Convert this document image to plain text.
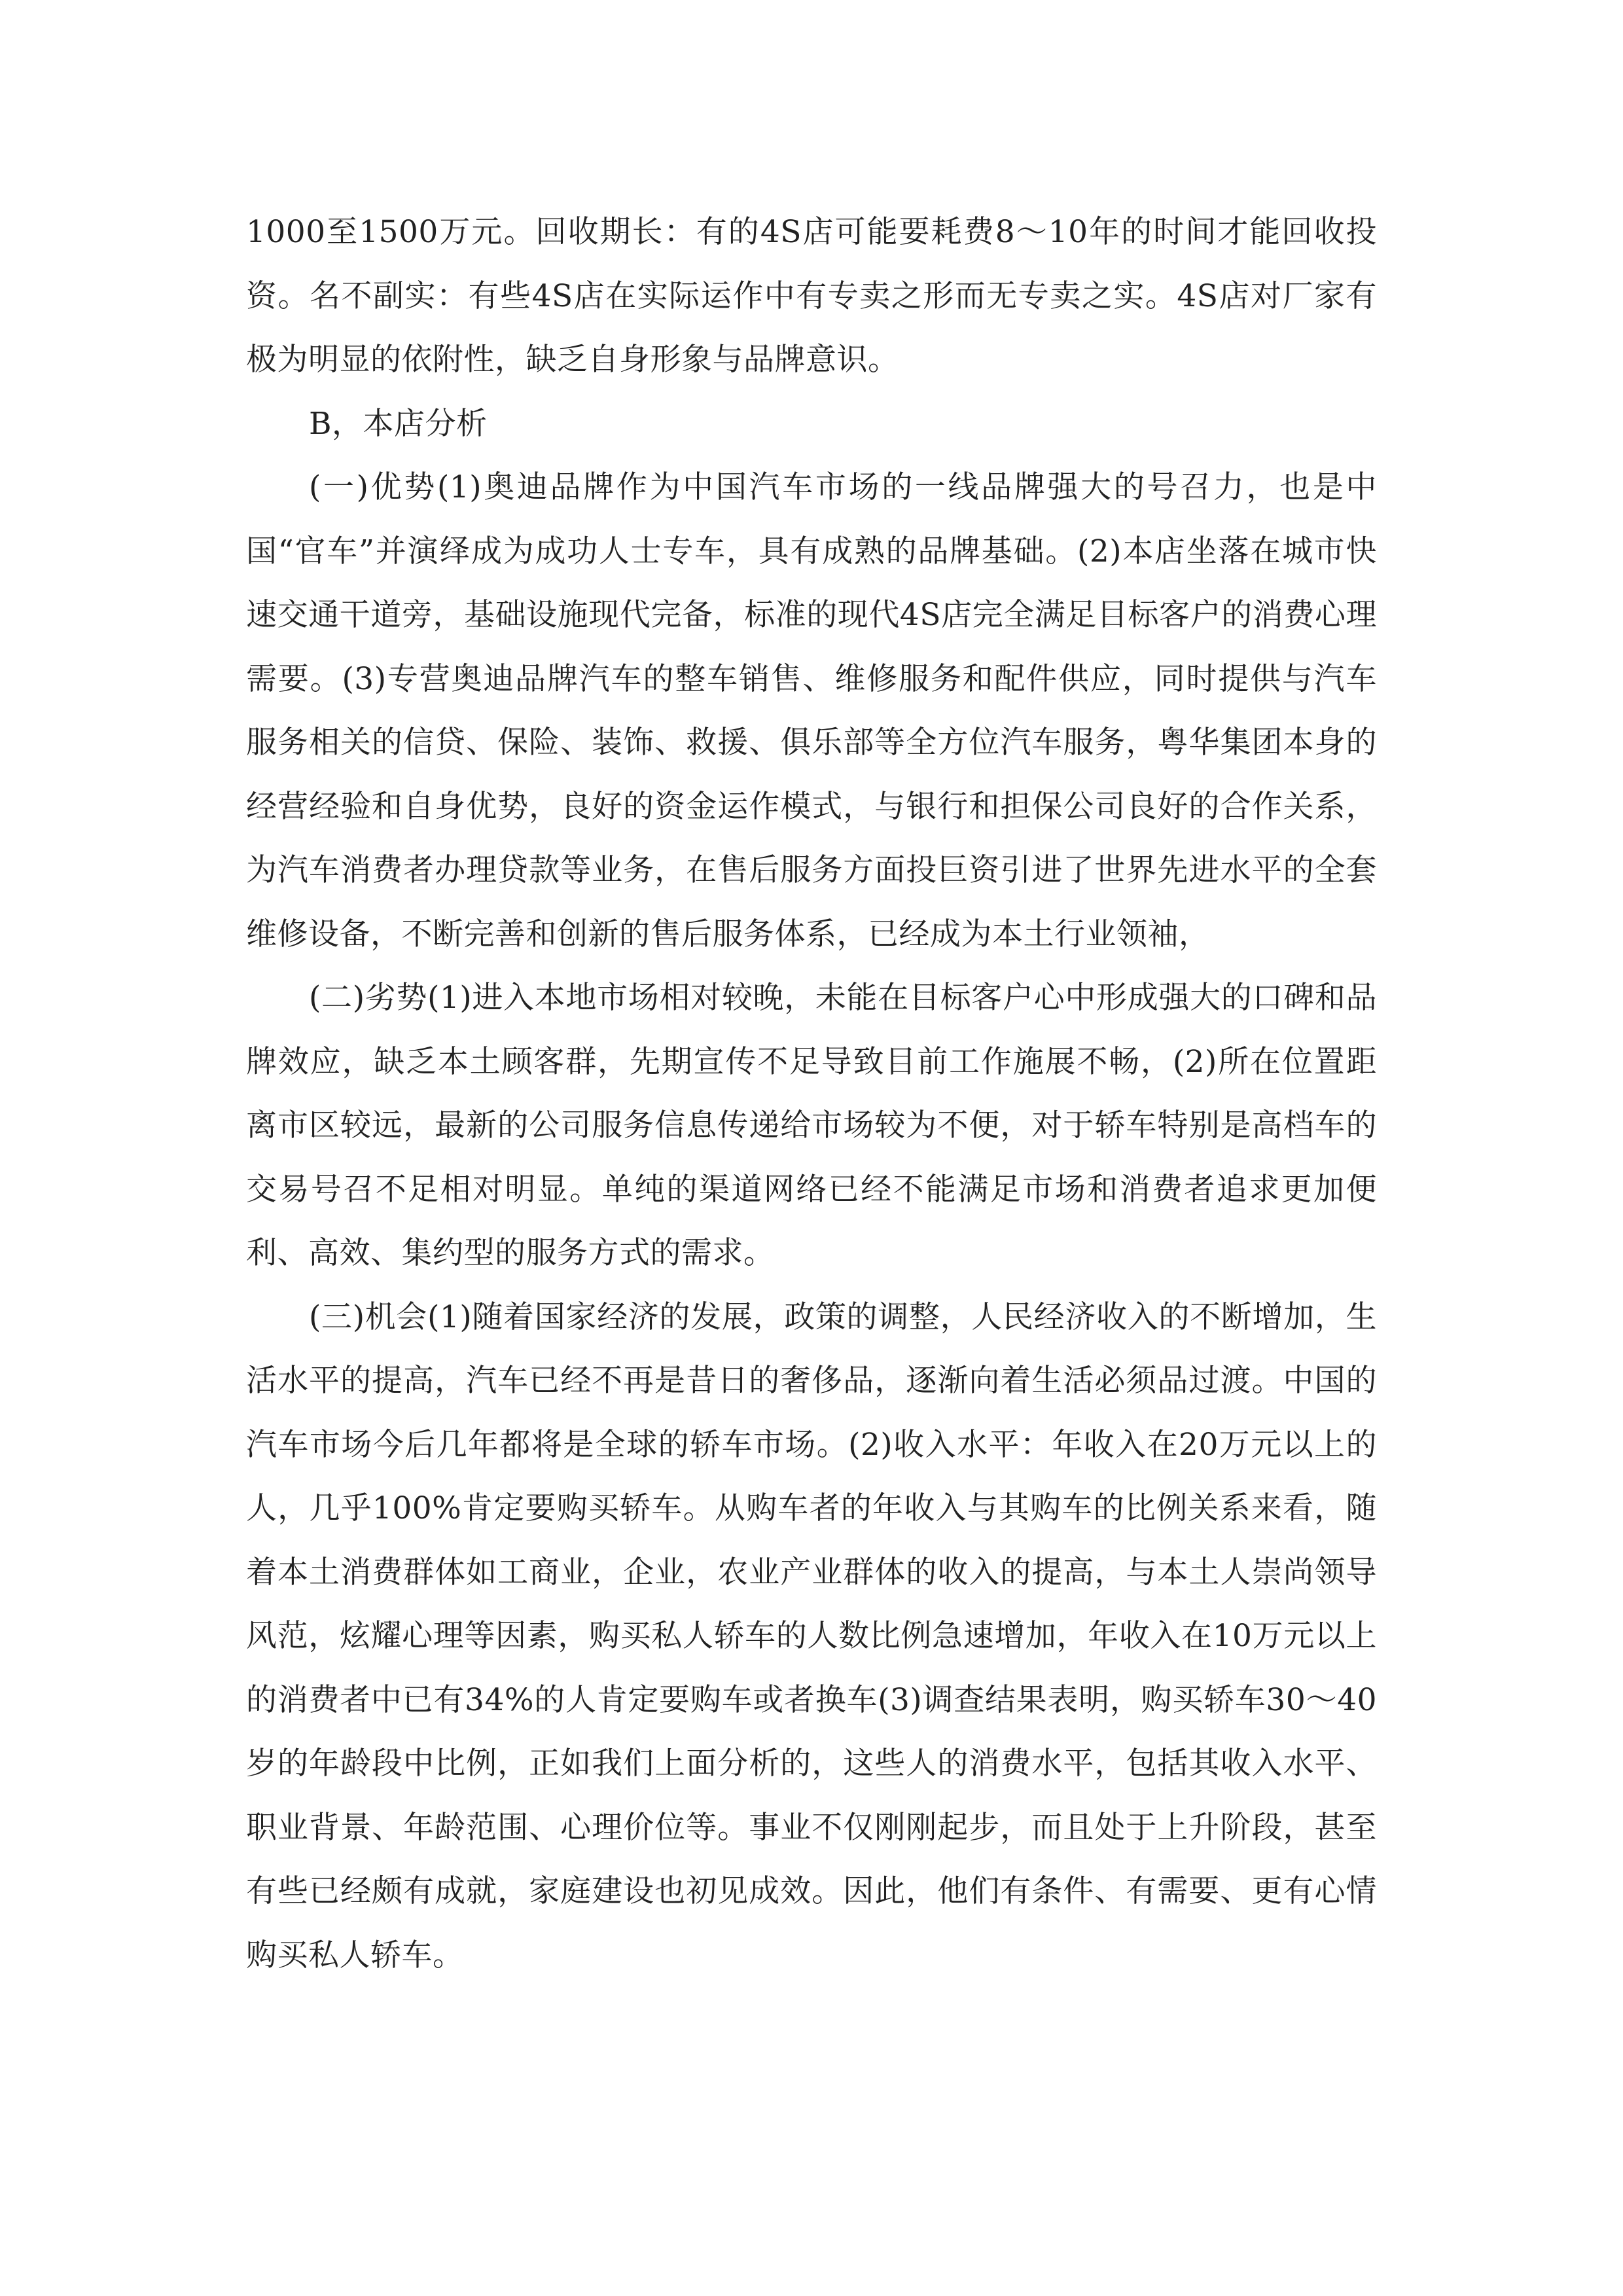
1000至1500万元。回收期长：有的4S店可能要耗费8～10年的时间才能回收投资。名不副实：有些4S店在实际运作中有专卖之形而无专卖之实。4S店对厂家有极为明显的依附性，缺乏自身形象与品牌意识。

B，本店分析

(一)优势(1)奥迪品牌作为中国汽车市场的一线品牌强大的号召力，也是中国“官车”并演绎成为成功人士专车，具有成熟的品牌基础。(2)本店坐落在城市快速交通干道旁，基础设施现代完备，标准的现代4S店完全满足目标客户的消费心理需要。(3)专营奥迪品牌汽车的整车销售、维修服务和配件供应，同时提供与汽车服务相关的信贷、保险、装饰、救援、俱乐部等全方位汽车服务，粤华集团本身的经营经验和自身优势，良好的资金运作模式，与银行和担保公司良好的合作关系，为汽车消费者办理贷款等业务，在售后服务方面投巨资引进了世界先进水平的全套维修设备，不断完善和创新的售后服务体系，已经成为本土行业领袖，

(二)劣势(1)进入本地市场相对较晚，未能在目标客户心中形成强大的口碑和品牌效应，缺乏本土顾客群，先期宣传不足导致目前工作施展不畅，(2)所在位置距离市区较远，最新的公司服务信息传递给市场较为不便，对于轿车特别是高档车的交易号召不足相对明显。单纯的渠道网络已经不能满足市场和消费者追求更加便利、高效、集约型的服务方式的需求。

(三)机会(1)随着国家经济的发展，政策的调整，人民经济收入的不断增加，生活水平的提高，汽车已经不再是昔日的奢侈品，逐渐向着生活必须品过渡。中国的汽车市场今后几年都将是全球的轿车市场。(2)收入水平：年收入在20万元以上的人，几乎100%肯定要购买轿车。从购车者的年收入与其购车的比例关系来看，随着本土消费群体如工商业，企业，农业产业群体的收入的提高，与本土人崇尚领导风范，炫耀心理等因素，购买私人轿车的人数比例急速增加，年收入在10万元以上的消费者中已有34%的人肯定要购车或者换车(3)调查结果表明，购买轿车30～40岁的年龄段中比例，正如我们上面分析的，这些人的消费水平，包括其收入水平、职业背景、年龄范围、心理价位等。事业不仅刚刚起步，而且处于上升阶段，甚至有些已经颇有成就，家庭建设也初见成效。因此，他们有条件、有需要、更有心情购买私人轿车。
